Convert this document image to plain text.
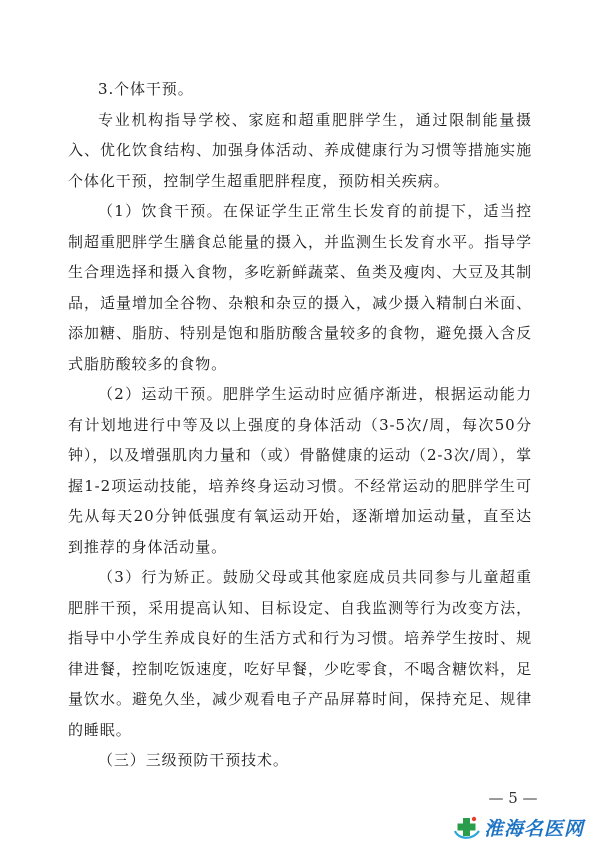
3.个体干预。

专业机构指导学校、家庭和超重肥胖学生，通过限制能量摄入、优化饮食结构、加强身体活动、养成健康行为习惯等措施实施个体化干预，控制学生超重肥胖程度，预防相关疾病。

（1）饮食干预。在保证学生正常生长发育的前提下，适当控制超重肥胖学生膳食总能量的摄入，并监测生长发育水平。指导学生合理选择和摄入食物，多吃新鲜蔬菜、鱼类及瘦肉、大豆及其制品，适量增加全谷物、杂粮和杂豆的摄入，减少摄入精制白米面、添加糖、脂肪、特别是饱和脂肪酸含量较多的食物，避免摄入含反式脂肪酸较多的食物。

（2）运动干预。肥胖学生运动时应循序渐进，根据运动能力有计划地进行中等及以上强度的身体活动（3-5次/周，每次50分钟），以及增强肌肉力量和（或）骨骼健康的运动（2-3次/周），掌握1-2项运动技能，培养终身运动习惯。不经常运动的肥胖学生可先从每天20分钟低强度有氧运动开始，逐渐增加运动量，直至达到推荐的身体活动量。

（3）行为矫正。鼓励父母或其他家庭成员共同参与儿童超重肥胖干预，采用提高认知、目标设定、自我监测等行为改变方法，指导中小学生养成良好的生活方式和行为习惯。培养学生按时、规律进餐，控制吃饭速度，吃好早餐，少吃零食，不喝含糖饮料，足量饮水。避免久坐，减少观看电子产品屏幕时间，保持充足、规律的睡眠。

（三）三级预防干预技术。

— 5 —
淮海名医网
